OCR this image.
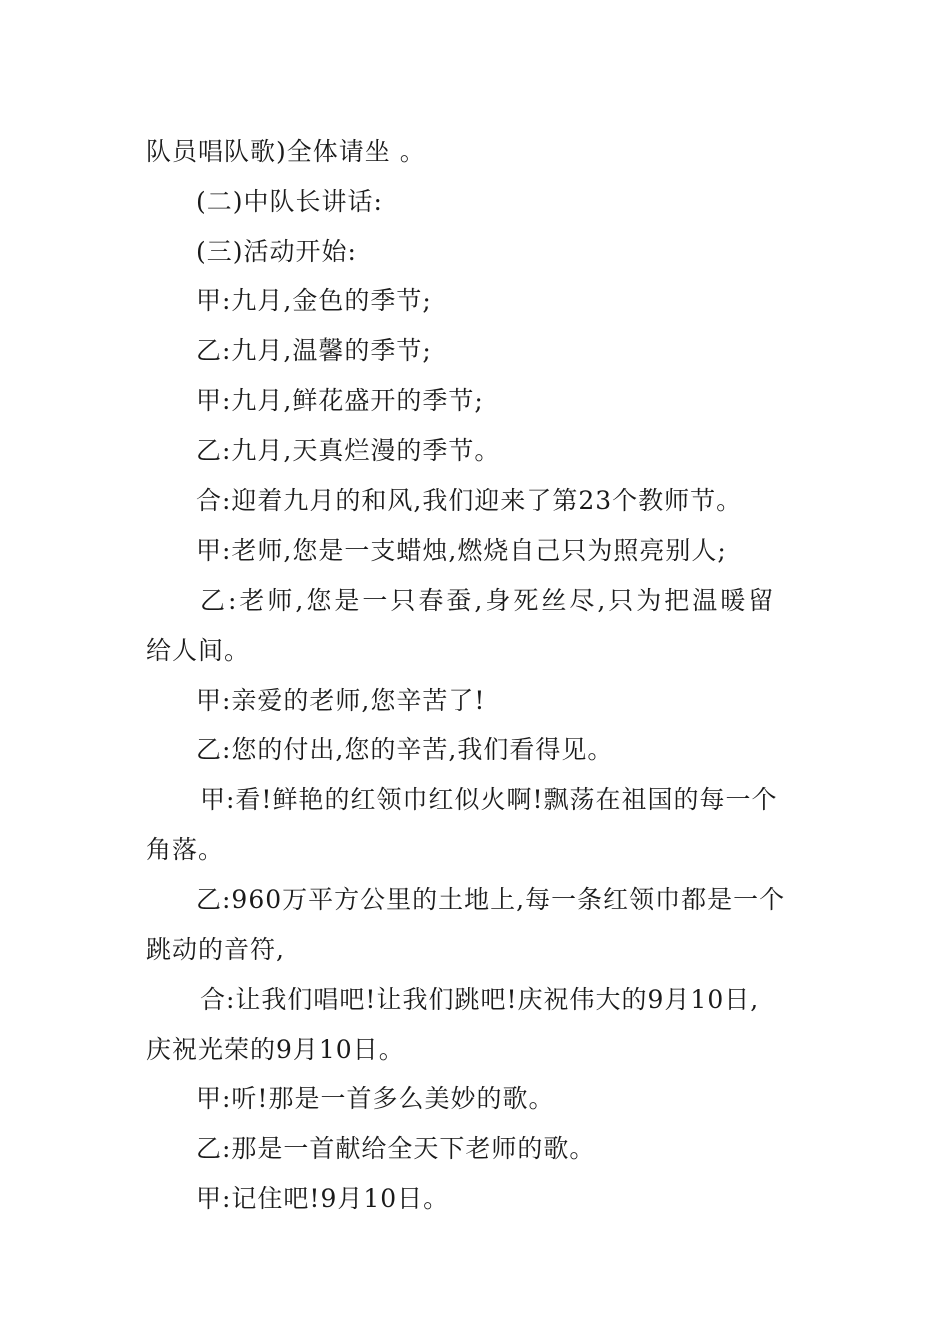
队员唱队歌)全体请坐 。
(二)中队长讲话:
(三)活动开始:
甲:九月,金色的季节;
乙:九月,温馨的季节;
甲:九月,鲜花盛开的季节;
乙:九月,天真烂漫的季节。
合:迎着九月的和风,我们迎来了第23个教师节。
甲:老师,您是一支蜡烛,燃烧自己只为照亮别人;
乙:老师,您是一只春蚕,身死丝尽,只为把温暖留
给人间。
甲:亲爱的老师,您辛苦了!
乙:您的付出,您的辛苦,我们看得见。
甲:看!鲜艳的红领巾红似火啊!飘荡在祖国的每一个
角落。
乙:960万平方公里的土地上,每一条红领巾都是一个
跳动的音符,
合:让我们唱吧!让我们跳吧!庆祝伟大的9月10日,
庆祝光荣的9月10日。
甲:听!那是一首多么美妙的歌。
乙:那是一首献给全天下老师的歌。
甲:记住吧!9月10日。
